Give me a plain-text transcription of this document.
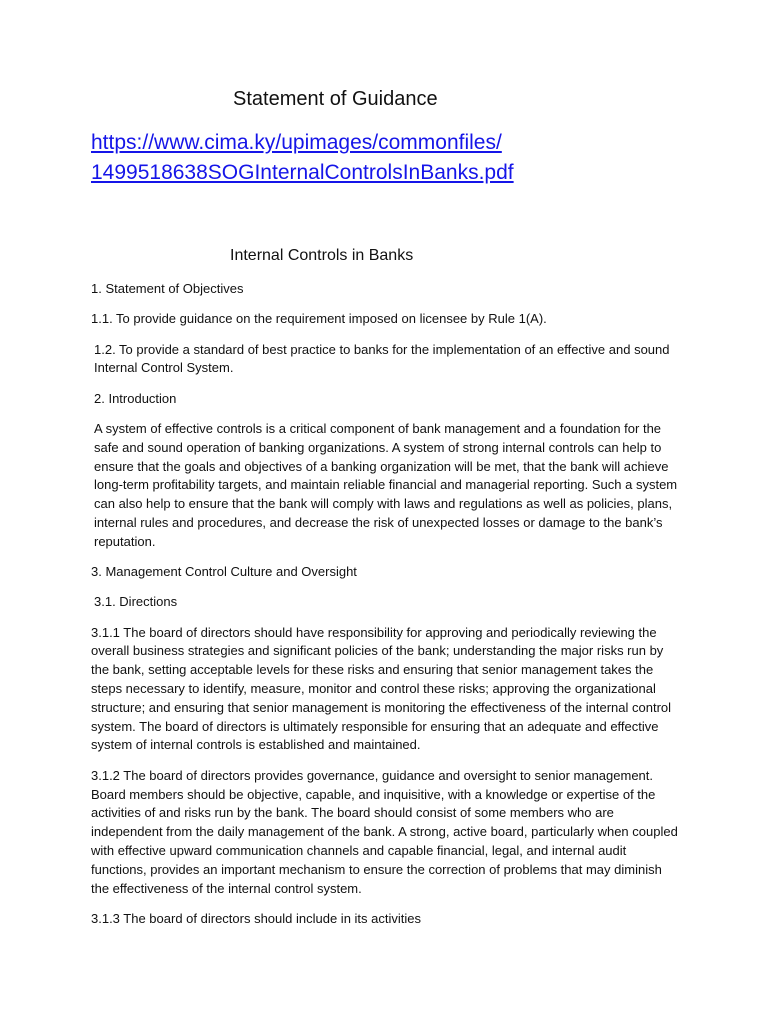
Statement of Guidance
https://www.cima.ky/upimages/commonfiles/
1499518638SOGInternalControlsInBanks.pdf
Internal Controls in Banks

1. Statement of Objectives

1.1. To provide guidance on the requirement imposed on licensee by Rule 1(A).

1.2. To provide a standard of best practice to banks for the implementation of an effective and sound Internal Control System.

2. Introduction

A system of effective controls is a critical component of bank management and a foundation for the safe and sound operation of banking organizations. A system of strong internal controls can help to ensure that the goals and objectives of a banking organization will be met, that the bank will achieve long-term profitability targets, and maintain reliable financial and managerial reporting. Such a system can also help to ensure that the bank will comply with laws and regulations as well as policies, plans, internal rules and procedures, and decrease the risk of unexpected losses or damage to the bank’s reputation.

3. Management Control Culture and Oversight

3.1. Directions

3.1.1 The board of directors should have responsibility for approving and periodically reviewing the overall business strategies and significant policies of the bank; understanding the major risks run by the bank, setting acceptable levels for these risks and ensuring that senior management takes the steps necessary to identify, measure, monitor and control these risks; approving the organizational structure; and ensuring that senior management is monitoring the effectiveness of the internal control system. The board of directors is ultimately responsible for ensuring that an adequate and effective system of internal controls is established and maintained.

3.1.2 The board of directors provides governance, guidance and oversight to senior management. Board members should be objective, capable, and inquisitive, with a knowledge or expertise of the activities of and risks run by the bank. The board should consist of some members who are independent from the daily management of the bank. A strong, active board, particularly when coupled with effective upward communication channels and capable financial, legal, and internal audit functions, provides an important mechanism to ensure the correction of problems that may diminish the effectiveness of the internal control system.

3.1.3 The board of directors should include in its activities
